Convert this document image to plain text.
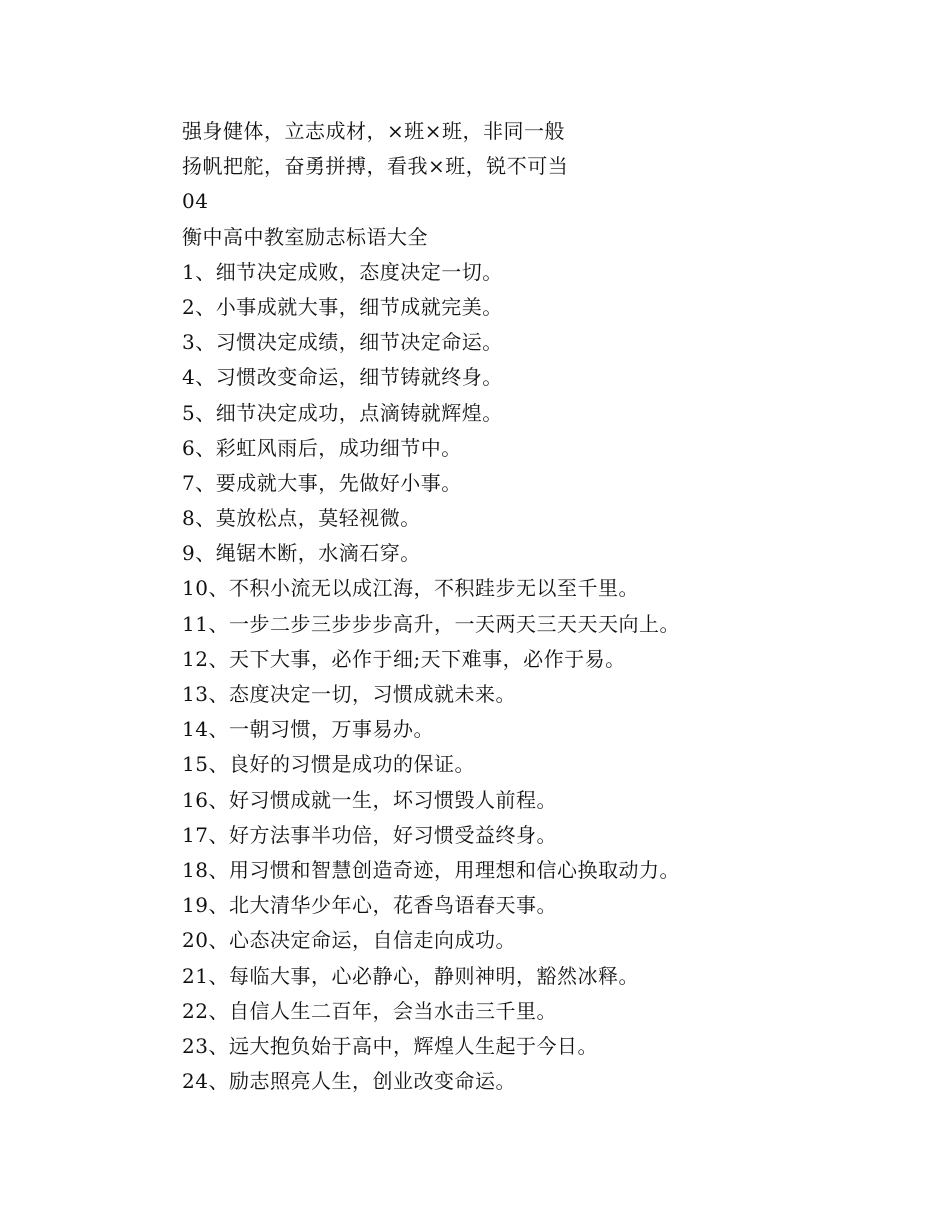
强身健体，立志成材，×班×班，非同一般
扬帆把舵，奋勇拼搏，看我×班，锐不可当
04
衡中高中教室励志标语大全
1、细节决定成败，态度决定一切。
2、小事成就大事，细节成就完美。
3、习惯决定成绩，细节决定命运。
4、习惯改变命运，细节铸就终身。
5、细节决定成功，点滴铸就辉煌。
6、彩虹风雨后，成功细节中。
7、要成就大事，先做好小事。
8、莫放松点，莫轻视微。
9、绳锯木断，水滴石穿。
10、不积小流无以成江海，不积跬步无以至千里。
11、一步二步三步步步高升，一天两天三天天天向上。
12、天下大事，必作于细;天下难事，必作于易。
13、态度决定一切，习惯成就未来。
14、一朝习惯，万事易办。
15、良好的习惯是成功的保证。
16、好习惯成就一生，坏习惯毁人前程。
17、好方法事半功倍，好习惯受益终身。
18、用习惯和智慧创造奇迹，用理想和信心换取动力。
19、北大清华少年心，花香鸟语春天事。
20、心态决定命运，自信走向成功。
21、每临大事，心必静心，静则神明，豁然冰释。
22、自信人生二百年，会当水击三千里。
23、远大抱负始于高中，辉煌人生起于今日。
24、励志照亮人生，创业改变命运。
